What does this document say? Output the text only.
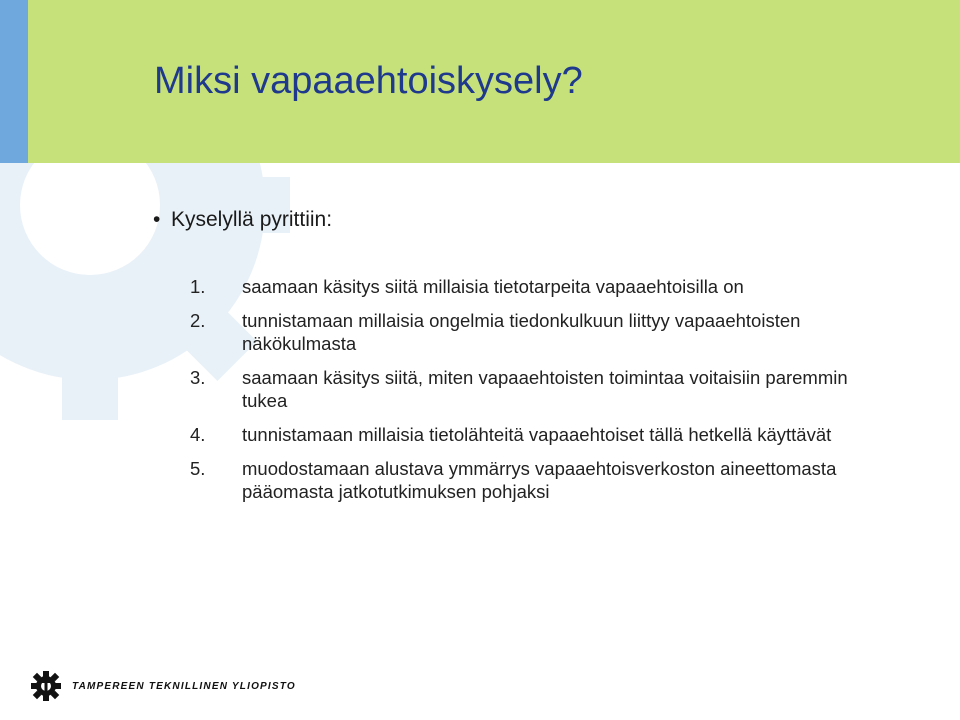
Miksi vapaaehtoiskysely?
• Kyselyllä pyrittiin:
1.	saamaan käsitys siitä millaisia tietotarpeita vapaaehtoisilla on
2.	tunnistamaan millaisia ongelmia tiedonkulkuun liittyy vapaaehtoisten näkökulmasta
3.	saamaan käsitys siitä, miten vapaaehtoisten toimintaa voitaisiin paremmin tukea
4.	tunnistamaan millaisia tietolähteitä vapaaehtoiset tällä hetkellä käyttävät
5.	muodostamaan alustava ymmärrys vapaaehtoisverkoston aineettomasta pääomasta jatkotutkimuksen pohjaksi
TAMPEREEN TEKNILLINEN YLIOPISTO
